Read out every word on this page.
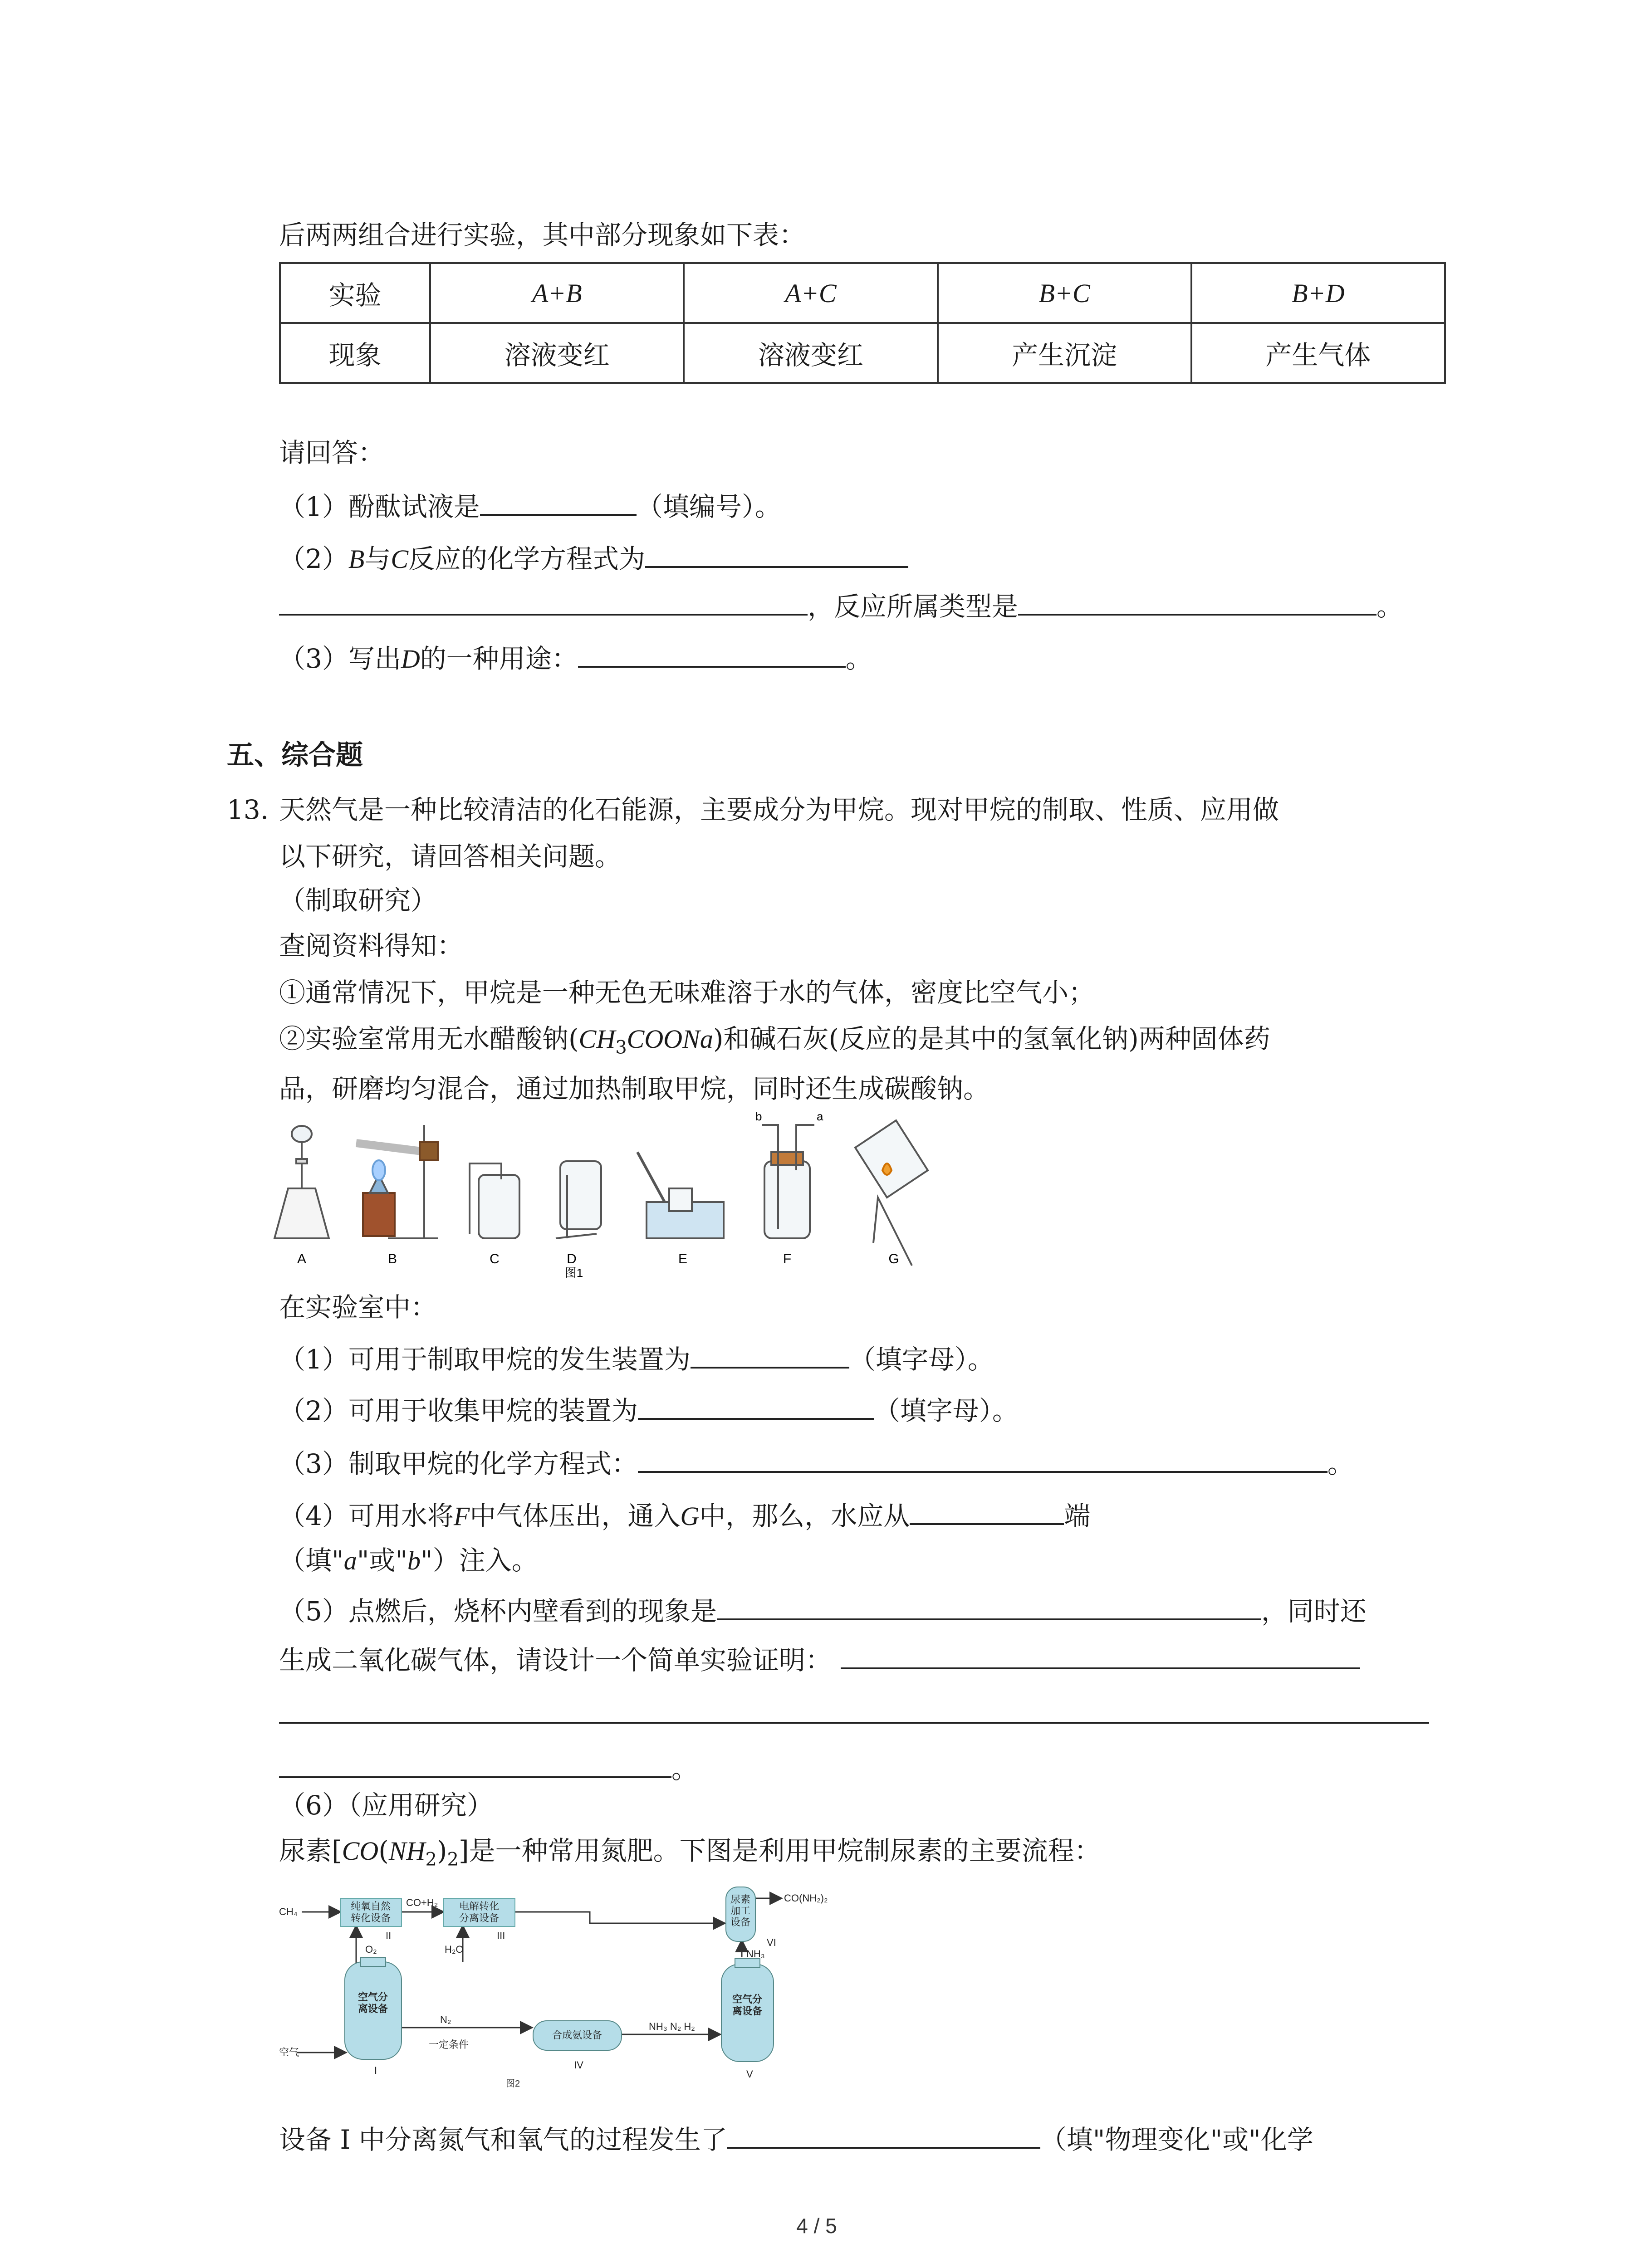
后两两组合进行实验，其中部分现象如下表：
实验	A+B	A+C	B+C	B+D
现象	溶液变红	溶液变红	产生沉淀	产生气体
请回答：
（1）酚酞试液是	（填编号）。
（2）B与C反应的化学方程式为
，反应所属类型是	。
（3）写出D的一种用途：	。
五、综合题
13. 天然气是一种比较清洁的化石能源，主要成分为甲烷。现对甲烷的制取、性质、应用做
以下研究，请回答相关问题。
（制取研究）
查阅资料得知：
①通常情况下，甲烷是一种无色无味难溶于水的气体，密度比空气小；
②实验室常用无水醋酸钠$(CH_3COONa)$和碱石灰(反应的是其中的氢氧化钠)两种固体药
品，研磨均匀混合，通过加热制取甲烷，同时还生成碳酸钠。
A	B	C	D	E	F	G
b	a
图1
在实验室中：
（1）可用于制取甲烷的发生装置为	（填字母）。
（2）可用于收集甲烷的装置为	（填字母）。
（3）制取甲烷的化学方程式：	。
（4）可用水将F中气体压出，通入G中，那么，水应从	端
（填"a"或"b"）注入。
（5）点燃后，烧杯内壁看到的现象是	，同时还
生成二氧化碳气体，请设计一个简单实验证明：
。
（6）（应用研究）
尿素$[CO(NH_2)_2]$是一种常用氮肥。下图是利用甲烷制尿素的主要流程：
CH₄	纯氧自然
转化设备
CO+H₂ 电解转化
分离设备
II	III
O₂	H₂O
尿素
加工
设备
CO(NH₂)₂
VI
NH₃
空气分
离设备
空气分
离设备
空气
N₂
一定条件
合成氨设备
NH₃ N₂ H₂
I	IV
V
图2
设备 I 中分离氮气和氧气的过程发生了	（填"物理变化"或"化学
4 / 5
